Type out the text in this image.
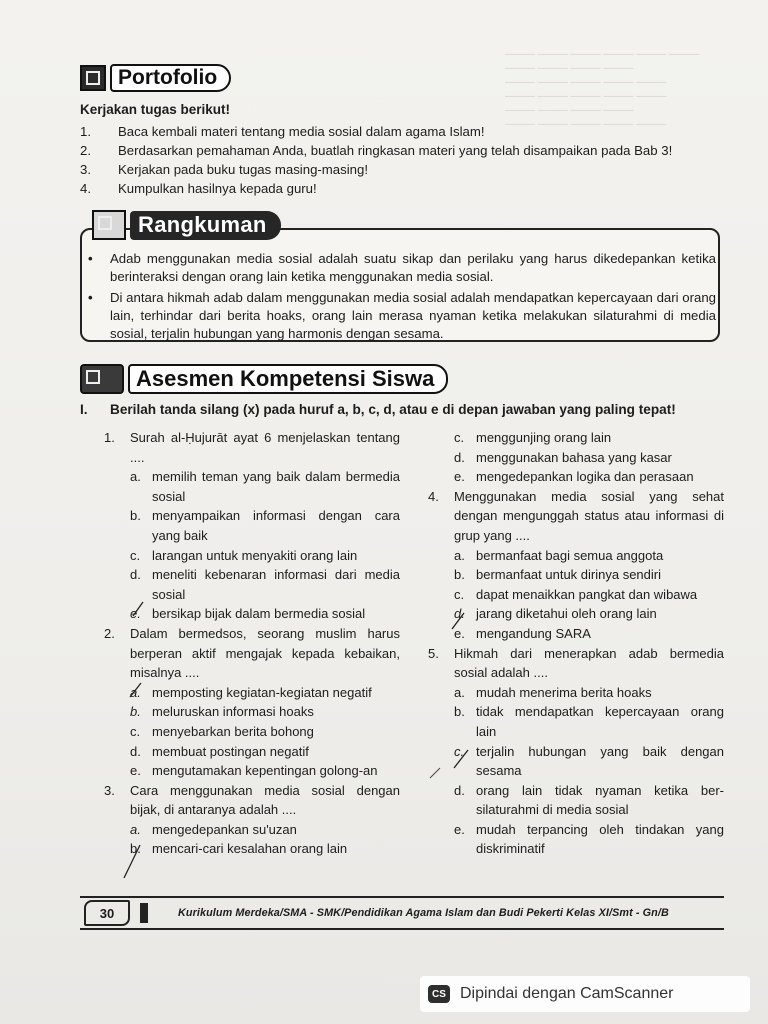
——— ——— ——— ——— ——— ———
——— ——— ——— ———
——— ——— ——— ——— ———
——— ——— ——— ——— ———
——— ——— ——— ———
——— ——— ——— ——— ———
Portofolio
Kerjakan tugas berikut!
1.	Baca kembali materi tentang media sosial dalam agama Islam!
2.	Berdasarkan pemahaman Anda, buatlah ringkasan materi yang telah disampaikan pada Bab 3!
3.	Kerjakan pada buku tugas masing-masing!
4.	Kumpulkan hasilnya kepada guru!
Rangkuman
•	Adab menggunakan media sosial adalah suatu sikap dan perilaku yang harus dikedepankan ketika berinteraksi dengan orang lain ketika menggunakan media sosial.
•	Di antara hikmah adab dalam menggunakan media sosial adalah mendapatkan kepercayaan dari orang lain, terhindar dari berita hoaks, orang lain merasa nyaman ketika melakukan silaturahmi di media sosial, terjalin hubungan yang harmonis dengan sesama.
Asesmen Kompetensi Siswa
I.	Berilah tanda silang (x) pada huruf a, b, c, d, atau e di depan jawaban yang paling tepat!
1.	Surah al-Ḥujurāt ayat 6 menjelaskan tentang ....
a. memilih teman yang baik dalam bermedia sosial
b. menyampaikan informasi dengan cara yang baik
c. larangan untuk menyakiti orang lain
d. meneliti kebenaran informasi dari media sosial
e. bersikap bijak dalam bermedia sosial
2.	Dalam bermedsos, seorang muslim harus berperan aktif mengajak kepada kebaikan, misalnya ....
a. memposting kegiatan-kegiatan negatif
b. meluruskan informasi hoaks
c. menyebarkan berita bohong
d. membuat postingan negatif
e. mengutamakan kepentingan golong-an
3.	Cara menggunakan media sosial dengan bijak, di antaranya adalah ....
a. mengedepankan su'uzan
b. mencari-cari kesalahan orang lain
c. menggunjing orang lain
d. menggunakan bahasa yang kasar
e. mengedepankan logika dan perasaan
4.	Menggunakan media sosial yang sehat dengan mengunggah status atau informasi di grup yang ....
a. bermanfaat bagi semua anggota
b. bermanfaat untuk dirinya sendiri
c. dapat menaikkan pangkat dan wibawa
d. jarang diketahui oleh orang lain
e. mengandung SARA
5.	Hikmah dari menerapkan adab bermedia sosial adalah ....
a. mudah menerima berita hoaks
b. tidak mendapatkan kepercayaan orang lain
c. terjalin hubungan yang baik dengan sesama
d. orang lain tidak nyaman ketika ber-silaturahmi di media sosial
e. mudah terpancing oleh tindakan yang diskriminatif
30	Kurikulum Merdeka/SMA - SMK/Pendidikan Agama Islam dan Budi Pekerti Kelas XI/Smt - Gn/B
CS Dipindai dengan CamScanner
